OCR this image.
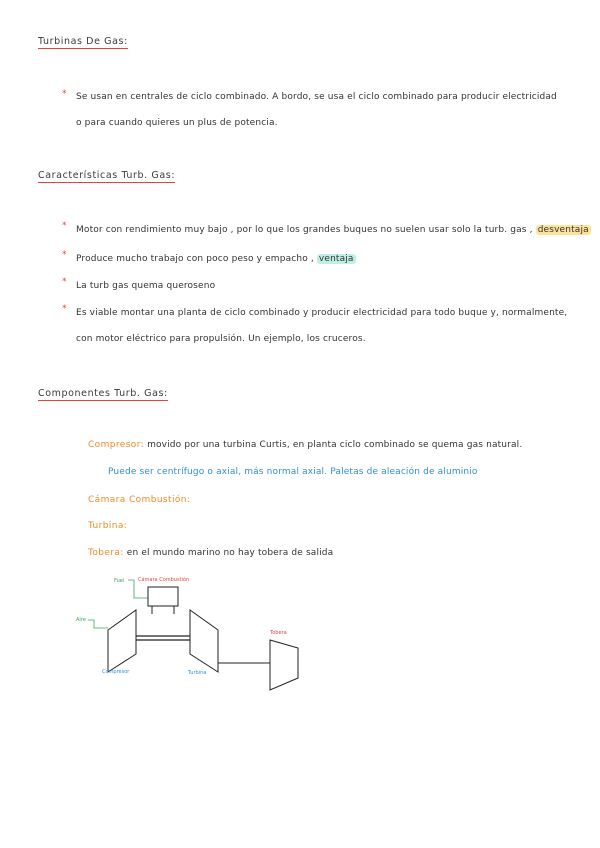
Turbinas De Gas:
Características Turb. Gas:
Componentes Turb. Gas:
* Se usan en centrales de ciclo combinado. A bordo, se usa el ciclo combinado para producir electricidad
o para cuando quieres un plus de potencia.
* Motor con rendimiento muy bajo , por lo que los grandes buques no suelen usar solo la turb. gas , desventaja
* Produce mucho trabajo con poco peso y empacho , ventaja
* La turb gas quema queroseno
* Es viable montar una planta de ciclo combinado y producir electricidad para todo buque y, normalmente,
con motor eléctrico para propulsión. Un ejemplo, los cruceros.
Compresor: movido por una turbina Curtis, en planta ciclo combinado se quema gas natural.
Puede ser centrífugo o axial, más normal axial. Paletas de aleación de aluminio
Cámara Combustión:
Turbina:
Tobera: en el mundo marino no hay tobera de salida
Fuel	Cámara Combustión
Aire
Tobera
Compresor	Turbina
